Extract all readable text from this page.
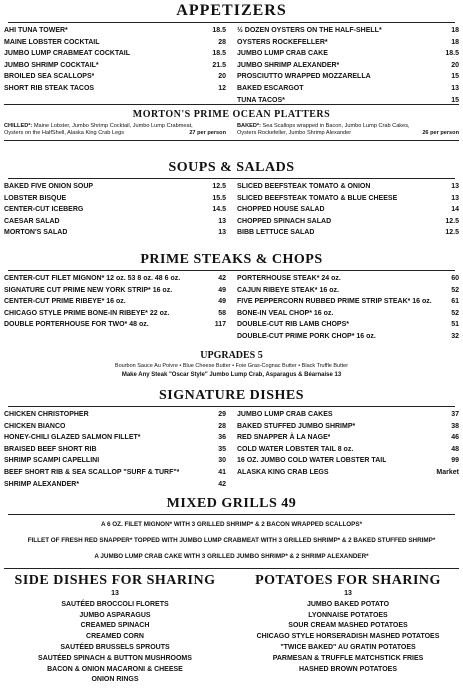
APPETIZERS
AHI TUNA TOWER*	18.5
MAINE LOBSTER COCKTAIL	28
JUMBO LUMP CRABMEAT COCKTAIL	18.5
JUMBO SHRIMP COCKTAIL*	21.5
BROILED SEA SCALLOPS*	20
SHORT RIB STEAK TACOS	12
½ DOZEN OYSTERS ON THE HALF-SHELL*	18
OYSTERS ROCKEFELLER*	18
JUMBO LUMP CRAB CAKE	18.5
JUMBO SHRIMP ALEXANDER*	20
PROSCIUTTO WRAPPED MOZZARELLA	15
BAKED ESCARGOT	13
TUNA TACOS*	15
MORTON'S PRIME OCEAN PLATTERS
CHILLED*: Maine Lobster, Jumbo Shrimp Cocktail, Jumbo Lump Crabmeat,
Oysters on the HalfShell, Alaska King Crab Legs	27 per person
BAKED*: Sea Scallops wrapped in Bacon, Jumbo Lump Crab Cakes,
Oysters Rockefeller, Jumbo Shrimp Alexander	26 per person
SOUPS & SALADS
BAKED FIVE ONION SOUP	12.5
LOBSTER BISQUE	15.5
CENTER-CUT ICEBERG	14.5
CAESAR SALAD	13
MORTON'S SALAD	13
SLICED BEEFSTEAK TOMATO & ONION	13
SLICED BEEFSTEAK TOMATO & BLUE CHEESE	13
CHOPPED HOUSE SALAD	14
CHOPPED SPINACH SALAD	12.5
BIBB LETTUCE SALAD	12.5
PRIME STEAKS & CHOPS
CENTER-CUT FILET MIGNON* 12 oz. 53 8 oz. 48 6 oz.	42
SIGNATURE CUT PRIME NEW YORK STRIP* 16 oz.	49
CENTER-CUT PRIME RIBEYE* 16 oz.	49
CHICAGO STYLE PRIME BONE-IN RIBEYE* 22 oz.	58
DOUBLE PORTERHOUSE FOR TWO* 48 oz.	117
PORTERHOUSE STEAK* 24 oz.	60
CAJUN RIBEYE STEAK* 16 oz.	52
FIVE PEPPERCORN RUBBED PRIME STRIP STEAK* 16 oz.	61
BONE-IN VEAL CHOP* 16 oz.	52
DOUBLE-CUT RIB LAMB CHOPS*	51
DOUBLE-CUT PRIME PORK CHOP* 16 oz.	32
UPGRADES 5
Bourbon Sauce Au Poivre • Blue Cheese Butter • Foie Gras-Cognac Butter • Black Truffle Butter
Make Any Steak "Oscar Style" Jumbo Lump Crab, Asparagus & Béarnaise 13
SIGNATURE DISHES
CHICKEN CHRISTOPHER	29
CHICKEN BIANCO	28
HONEY-CHILI GLAZED SALMON FILLET*	36
BRAISED BEEF SHORT RIB	35
SHRIMP SCAMPI CAPELLINI	30
BEEF SHORT RIB & SEA SCALLOP "SURF & TURF"*	41
SHRIMP ALEXANDER*	42
JUMBO LUMP CRAB CAKES	37
BAKED STUFFED JUMBO SHRIMP*	38
RED SNAPPER À LA NAGE*	46
COLD WATER LOBSTER TAIL 8 oz.	48
16 OZ. JUMBO COLD WATER LOBSTER TAIL	99
ALASKA KING CRAB LEGS	Market
MIXED GRILLS 49
A 6 OZ. FILET MIGNON* WITH 3 GRILLED SHRIMP* & 2 BACON WRAPPED SCALLOPS*
FILLET OF FRESH RED SNAPPER* TOPPED WITH JUMBO LUMP CRABMEAT WITH 3 GRILLED SHRIMP* & 2 BAKED STUFFED SHRIMP*
A JUMBO LUMP CRAB CAKE WITH 3 GRILLED JUMBO SHRIMP* & 2 SHRIMP ALEXANDER*
SIDE DISHES FOR SHARING
13
SAUTÉED BROCCOLI FLORETS
JUMBO ASPARAGUS
CREAMED SPINACH
CREAMED CORN
SAUTÉED BRUSSELS SPROUTS
SAUTÉED SPINACH & BUTTON MUSHROOMS
BACON & ONION MACARONI & CHEESE
ONION RINGS
POTATOES FOR SHARING
13
JUMBO BAKED POTATO
LYONNAISE POTATOES
SOUR CREAM MASHED POTATOES
CHICAGO STYLE HORSERADISH MASHED POTATOES
"TWICE BAKED" AU GRATIN POTATOES
PARMESAN & TRUFFLE MATCHSTICK FRIES
HASHED BROWN POTATOES
